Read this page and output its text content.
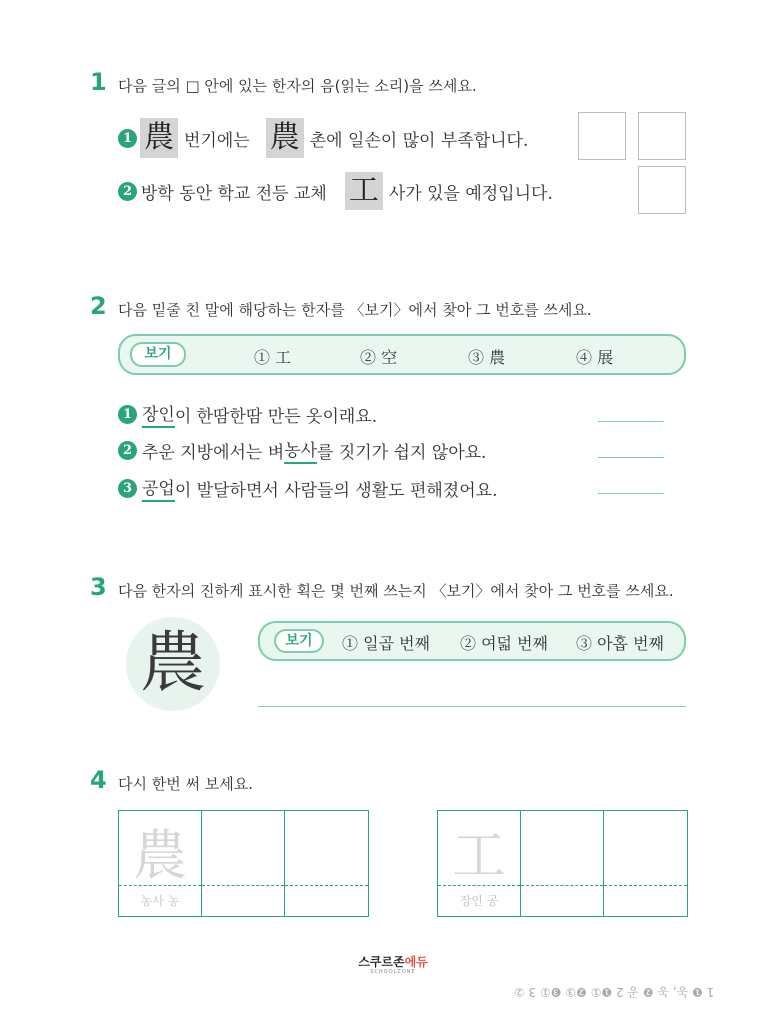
1 다음 글의 □ 안에 있는 한자의 음(읽는 소리)을 쓰세요.
1 農 번기에는 農 촌에 일손이 많이 부족합니다.
2 방학 동안 학교 전등 교체 工 사가 있을 예정입니다.
2 다음 밑줄 친 말에 해당하는 한자를 〈보기〉에서 찾아 그 번호를 쓰세요.
보기	① 工	② 空	③ 農	④ 展
1 장인 이 한땀한땀 만든 옷이래요.
2 추운 지방에서는 벼 농사 를 짓기가 쉽지 않아요.
3 공업 이 발달하면서 사람들의 생활도 편해졌어요.
3 다음 한자의 진하게 표시한 획은 몇 번째 쓰는지 〈보기〉에서 찾아 그 번호를 쓰세요.
農	보기	① 일곱 번째 ② 여덟 번째 ③ 아홉 번째
4 다시 한번 써 보세요.
農
농사 농
工
장인 공
스쿠르존에듀
SCHOOLZONE
1 ❶ 농, 농 ❷ 공 2 ❶① ❷③ ❸① 3 ②
